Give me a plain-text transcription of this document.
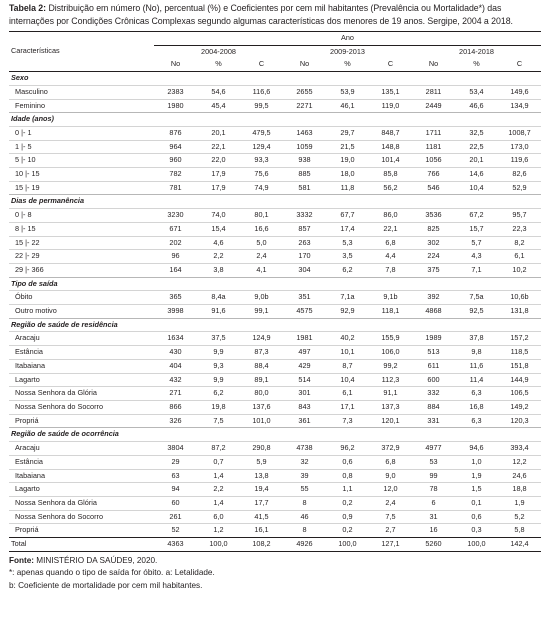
Tabela 2: Distribuição em número (No), percentual (%) e Coeficientes por cem mil habitantes (Prevalência ou Mortalidade*) das internações por Condições Crônicas Complexas segundo algumas características dos menores de 19 anos. Sergipe, 2004 a 2018.

	Ano								
Características	2004-2008			2009-2013			2014-2018		
	No	%	C	No	%	C	No	%	C
Sexo									
Masculino	2383	54,6	116,6	2655	53,9	135,1	2811	53,4	149,6
Feminino	1980	45,4	99,5	2271	46,1	119,0	2449	46,6	134,9
Idade (anos)									
0 |- 1	876	20,1	479,5	1463	29,7	848,7	1711	32,5	1008,7
1 |- 5	964	22,1	129,4	1059	21,5	148,8	1181	22,5	173,0
5 |- 10	960	22,0	93,3	938	19,0	101,4	1056	20,1	119,6
10 |- 15	782	17,9	75,6	885	18,0	85,8	766	14,6	82,6
15 |- 19	781	17,9	74,9	581	11,8	56,2	546	10,4	52,9
Dias de permanência									
0 |- 8	3230	74,0	80,1	3332	67,7	86,0	3536	67,2	95,7
8 |- 15	671	15,4	16,6	857	17,4	22,1	825	15,7	22,3
15 |- 22	202	4,6	5,0	263	5,3	6,8	302	5,7	8,2
22 |- 29	96	2,2	2,4	170	3,5	4,4	224	4,3	6,1
29 |- 366	164	3,8	4,1	304	6,2	7,8	375	7,1	10,2
Tipo de saída									
Óbito	365	8,4a	9,0b	351	7,1a	9,1b	392	7,5a	10,6b
Outro motivo	3998	91,6	99,1	4575	92,9	118,1	4868	92,5	131,8
Região de saúde de residência									
Aracaju	1634	37,5	124,9	1981	40,2	155,9	1989	37,8	157,2
Estância	430	9,9	87,3	497	10,1	106,0	513	9,8	118,5
Itabaiana	404	9,3	88,4	429	8,7	99,2	611	11,6	151,8
Lagarto	432	9,9	89,1	514	10,4	112,3	600	11,4	144,9
Nossa Senhora da Glória	271	6,2	80,0	301	6,1	91,1	332	6,3	106,5
Nossa Senhora do Socorro	866	19,8	137,6	843	17,1	137,3	884	16,8	149,2
Propriá	326	7,5	101,0	361	7,3	120,1	331	6,3	120,3
Região de saúde de ocorrência									
Aracaju	3804	87,2	290,8	4738	96,2	372,9	4977	94,6	393,4
Estância	29	0,7	5,9	32	0,6	6,8	53	1,0	12,2
Itabaiana	63	1,4	13,8	39	0,8	9,0	99	1,9	24,6
Lagarto	94	2,2	19,4	55	1,1	12,0	78	1,5	18,8
Nossa Senhora da Glória	60	1,4	17,7	8	0,2	2,4	6	0,1	1,9
Nossa Senhora do Socorro	261	6,0	41,5	46	0,9	7,5	31	0,6	5,2
Propriá	52	1,2	16,1	8	0,2	2,7	16	0,3	5,8
Total	4363	100,0	108,2	4926	100,0	127,1	5260	100,0	142,4
Fonte: MINISTÉRIO DA SAÚDE9, 2020.
*: apenas quando o tipo de saída for óbito. a: Letalidade.
b: Coeficiente de mortalidade por cem mil habitantes.
